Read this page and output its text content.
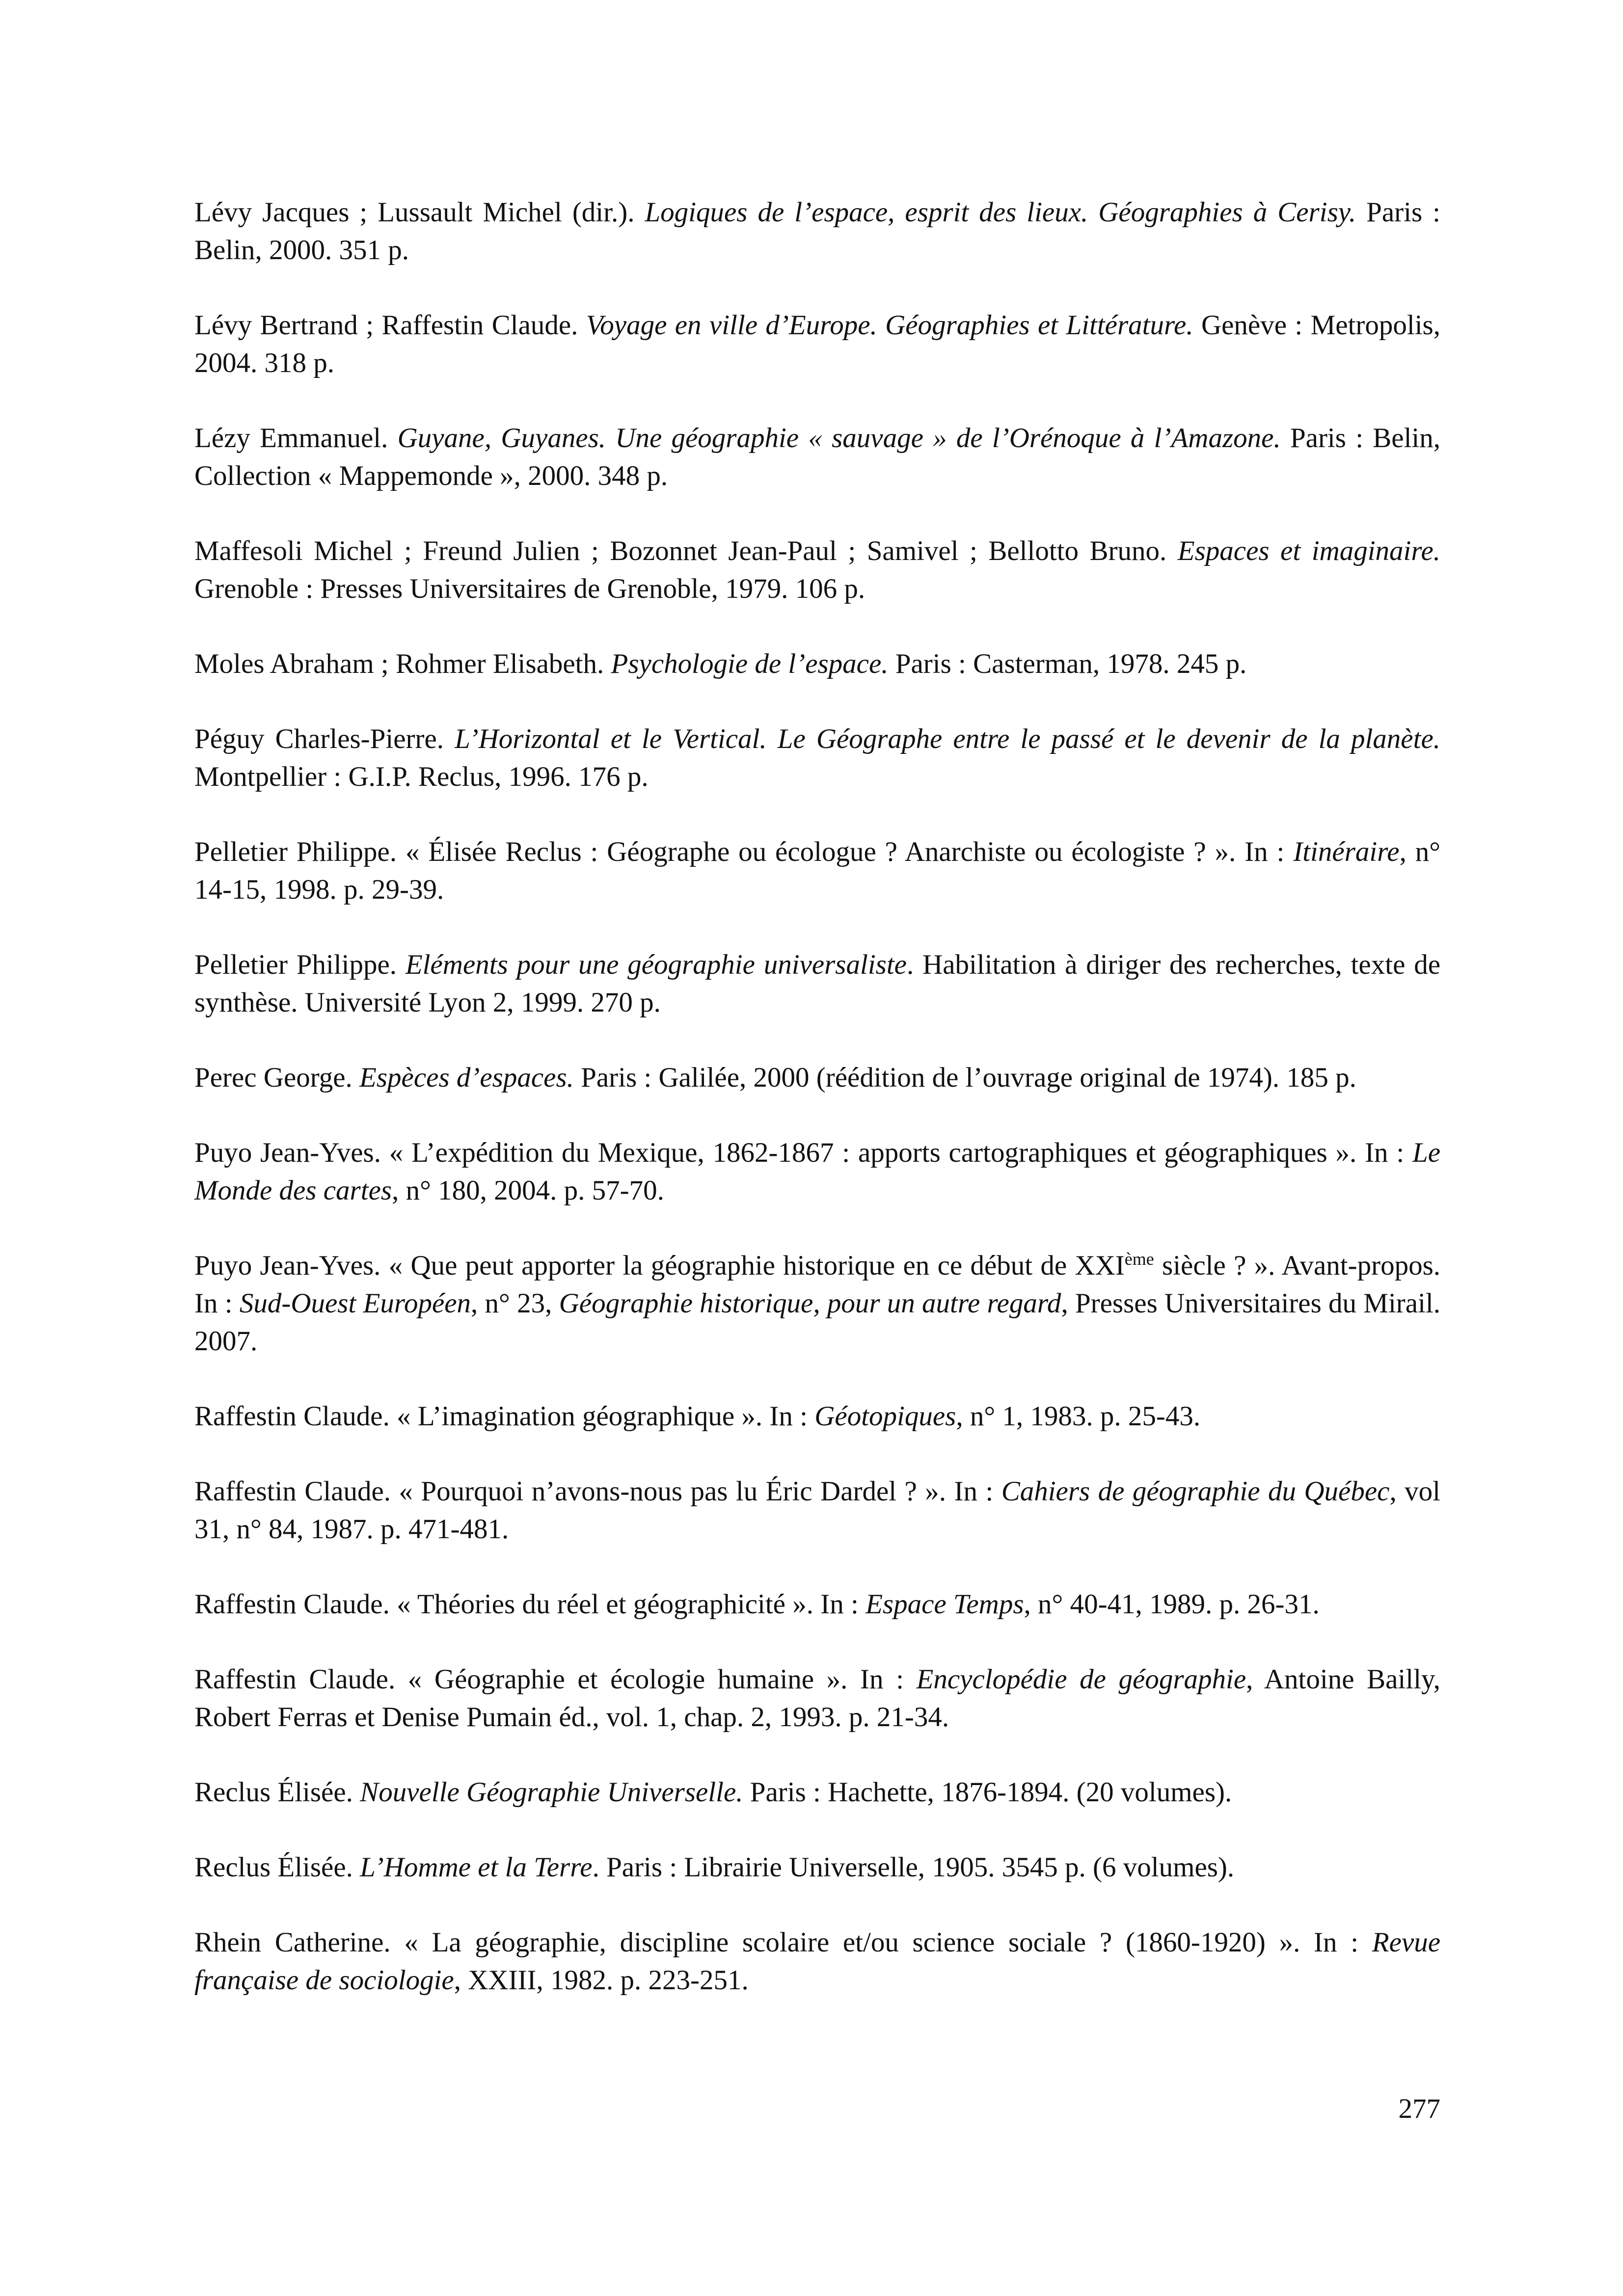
Lévy Jacques ; Lussault Michel (dir.). Logiques de l’espace, esprit des lieux. Géographies à Cerisy. Paris : Belin, 2000. 351 p.
Lévy Bertrand ; Raffestin Claude. Voyage en ville d’Europe. Géographies et Littérature. Genève : Metropolis, 2004. 318 p.
Lézy Emmanuel. Guyane, Guyanes. Une géographie « sauvage » de l’Orénoque à l’Amazone. Paris : Belin, Collection « Mappemonde », 2000. 348 p.
Maffesoli Michel ; Freund Julien ; Bozonnet Jean-Paul ; Samivel ; Bellotto Bruno. Espaces et imaginaire. Grenoble : Presses Universitaires de Grenoble, 1979. 106 p.
Moles Abraham ; Rohmer Elisabeth. Psychologie de l’espace. Paris : Casterman, 1978. 245 p.
Péguy Charles-Pierre. L’Horizontal et le Vertical. Le Géographe entre le passé et le devenir de la planète. Montpellier : G.I.P. Reclus, 1996. 176 p.
Pelletier Philippe. « Élisée Reclus : Géographe ou écologue ? Anarchiste ou écologiste ? ». In : Itinéraire, n° 14-15, 1998. p. 29-39.
Pelletier Philippe. Eléments pour une géographie universaliste. Habilitation à diriger des recherches, texte de synthèse. Université Lyon 2, 1999. 270 p.
Perec George. Espèces d’espaces. Paris : Galilée, 2000 (réédition de l’ouvrage original de 1974). 185 p.
Puyo Jean-Yves. « L’expédition du Mexique, 1862-1867 : apports cartographiques et géographiques ». In : Le Monde des cartes, n° 180, 2004. p. 57-70.
Puyo Jean-Yves. « Que peut apporter la géographie historique en ce début de XXIème siècle ? ». Avant-propos. In : Sud-Ouest Européen, n° 23, Géographie historique, pour un autre regard, Presses Universitaires du Mirail. 2007.
Raffestin Claude. « L’imagination géographique ». In : Géotopiques, n° 1, 1983. p. 25-43.
Raffestin Claude. « Pourquoi n’avons-nous pas lu Éric Dardel ? ». In : Cahiers de géographie du Québec, vol 31, n° 84, 1987. p. 471-481.
Raffestin Claude. « Théories du réel et géographicité ». In : Espace Temps, n° 40-41, 1989. p. 26-31.
Raffestin Claude. « Géographie et écologie humaine ». In : Encyclopédie de géographie, Antoine Bailly, Robert Ferras et Denise Pumain éd., vol. 1, chap. 2, 1993. p. 21-34.
Reclus Élisée. Nouvelle Géographie Universelle. Paris : Hachette, 1876-1894. (20 volumes).
Reclus Élisée. L’Homme et la Terre. Paris : Librairie Universelle, 1905. 3545 p. (6 volumes).
Rhein Catherine. « La géographie, discipline scolaire et/ou science sociale ? (1860-1920) ». In : Revue française de sociologie, XXIII, 1982. p. 223-251.
277
